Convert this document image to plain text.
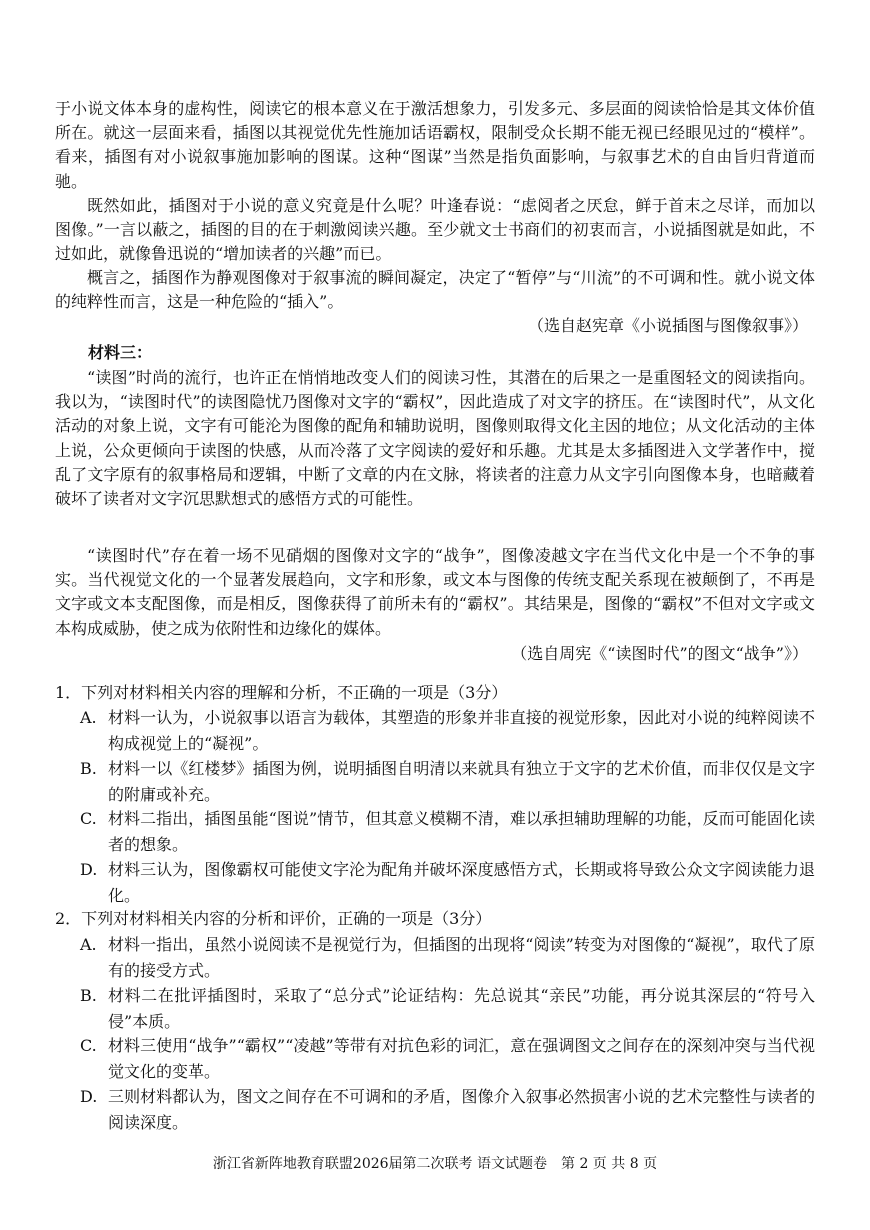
于小说文体本身的虚构性，阅读它的根本意义在于激活想象力，引发多元、多层面的阅读恰恰是其文体价值所在。就这一层面来看，插图以其视觉优先性施加话语霸权，限制受众长期不能无视已经眼见过的“模样”。看来，插图有对小说叙事施加影响的图谋。这种“图谋”当然是指负面影响，与叙事艺术的自由旨归背道而驰。

既然如此，插图对于小说的意义究竟是什么呢？叶逢春说：“虑阅者之厌怠，鲜于首末之尽详，而加以图像。”一言以蔽之，插图的目的在于刺激阅读兴趣。至少就文士书商们的初衷而言，小说插图就是如此，不过如此，就像鲁迅说的“增加读者的兴趣”而已。

概言之，插图作为静观图像对于叙事流的瞬间凝定，决定了“暂停”与“川流”的不可调和性。就小说文体的纯粹性而言，这是一种危险的“插入”。

（选自赵宪章《小说插图与图像叙事》）

材料三：

“读图”时尚的流行，也许正在悄悄地改变人们的阅读习性，其潜在的后果之一是重图轻文的阅读指向。我以为，“读图时代”的读图隐忧乃图像对文字的“霸权”，因此造成了对文字的挤压。在“读图时代”，从文化活动的对象上说，文字有可能沦为图像的配角和辅助说明，图像则取得文化主因的地位；从文化活动的主体上说，公众更倾向于读图的快感，从而冷落了文字阅读的爱好和乐趣。尤其是太多插图进入文学著作中，搅乱了文字原有的叙事格局和逻辑，中断了文章的内在文脉，将读者的注意力从文字引向图像本身，也暗藏着破坏了读者对文字沉思默想式的感悟方式的可能性。

“读图时代”存在着一场不见硝烟的图像对文字的“战争”，图像凌越文字在当代文化中是一个不争的事实。当代视觉文化的一个显著发展趋向，文字和形象，或文本与图像的传统支配关系现在被颠倒了，不再是文字或文本支配图像，而是相反，图像获得了前所未有的“霸权”。其结果是，图像的“霸权”不但对文字或文本构成威胁，使之成为依附性和边缘化的媒体。

（选自周宪《“读图时代”的图文“战争”》）

1．下列对材料相关内容的理解和分析，不正确的一项是（3分）

A. 材料一认为，小说叙事以语言为载体，其塑造的形象并非直接的视觉形象，因此对小说的纯粹阅读不构成视觉上的“凝视”。
B. 材料一以《红楼梦》插图为例，说明插图自明清以来就具有独立于文字的艺术价值，而非仅仅是文字的附庸或补充。
C. 材料二指出，插图虽能“图说”情节，但其意义模糊不清，难以承担辅助理解的功能，反而可能固化读者的想象。
D. 材料三认为，图像霸权可能使文字沦为配角并破坏深度感悟方式，长期或将导致公众文字阅读能力退化。

2．下列对材料相关内容的分析和评价，正确的一项是（3分）

A. 材料一指出，虽然小说阅读不是视觉行为，但插图的出现将“阅读”转变为对图像的“凝视”，取代了原有的接受方式。
B. 材料二在批评插图时，采取了“总分式”论证结构：先总说其“亲民”功能，再分说其深层的“符号入侵”本质。
C. 材料三使用“战争”“霸权”“凌越”等带有对抗色彩的词汇，意在强调图文之间存在的深刻冲突与当代视觉文化的变革。
D. 三则材料都认为，图文之间存在不可调和的矛盾，图像介入叙事必然损害小说的艺术完整性与读者的阅读深度。

浙江省新阵地教育联盟2026届第二次联考 语文试题卷　第 2 页 共 8 页
